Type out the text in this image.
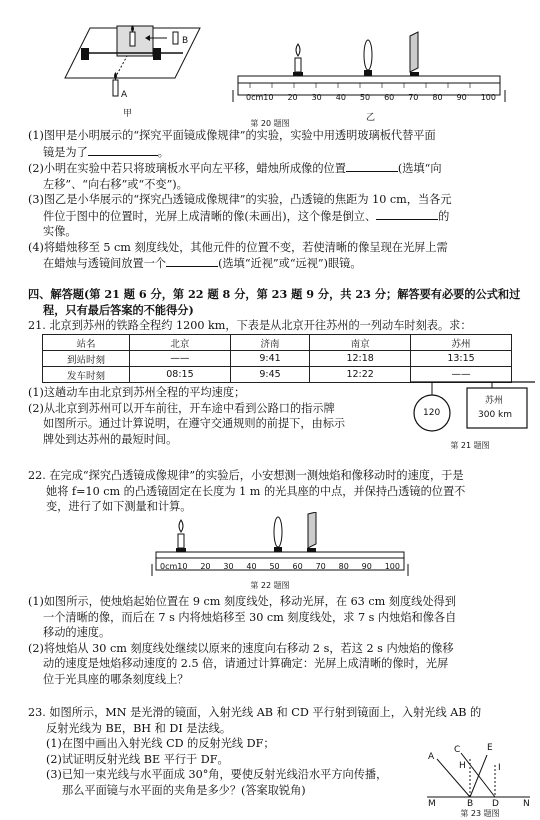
B
A
甲
0cm10 20 30 40 50 60 70 80 90 100
乙
第 20 题图
(1)图甲是小明展示的“探究平面镜成像规律”的实验，实验中用透明玻璃板代替平面
镜是为了	。
(2)小明在实验中若只将玻璃板水平向左平移，蜡烛所成像的位置	(选填“向
左移”、“向右移”或“不变”)。
(3)图乙是小华展示的“探究凸透镜成像规律”的实验，凸透镜的焦距为 10 cm，当各元
件位于图中的位置时，光屏上成清晰的像(未画出)，这个像是倒立、	的
实像。
(4)将蜡烛移至 5 cm 刻度线处，其他元件的位置不变，若使清晰的像呈现在光屏上需
在蜡烛与透镜间放置一个	(选填“近视”或“远视”)眼镜。
四、解答题(第 21 题 6 分，第 22 题 8 分，第 23 题 9 分，共 23 分；解答要有必要的公式和过
程，只有最后答案的不能得分)
21. 北京到苏州的铁路全程约 1200 km，下表是从北京开往苏州的一列动车时刻表。求：
站名	北京	济南	南京	苏州
到站时刻	——	9:41	12:18	13:15
发车时刻	08:15	9:45	12:22	——
(1)这趟动车由北京到苏州全程的平均速度；
(2)从北京到苏州可以开车前往，开车途中看到公路口的指示牌
如图所示。通过计算说明，在遵守交通规则的前提下，由标示
牌处到达苏州的最短时间。
120
苏州
300 km
第 21 题图
22. 在完成“探究凸透镜成像规律”的实验后，小安想测一测烛焰和像移动时的速度，于是
她将 f=10 cm 的凸透镜固定在长度为 1 m 的光具座的中点，并保持凸透镜的位置不
变，进行了如下测量和计算。
0cm10 20 30 40 50 60 70 80 90 100
第 22 题图
(1)如图所示，使烛焰起始位置在 9 cm 刻度线处，移动光屏，在 63 cm 刻度线处得到
一个清晰的像，而后在 7 s 内将烛焰移至 30 cm 刻度线处，求 7 s 内烛焰和像各自
移动的速度。
(2)将烛焰从 30 cm 刻度线处继续以原来的速度向右移动 2 s，若这 2 s 内烛焰的像移
动的速度是烛焰移动速度的 2.5 倍，请通过计算确定：光屏上成清晰的像时，光屏
位于光具座的哪条刻度线上？
23. 如图所示，MN 是光滑的镜面，入射光线 AB 和 CD 平行射到镜面上，入射光线 AB 的
反射光线为 BE，BH 和 DI 是法线。
(1)在图中画出入射光线 CD 的反射光线 DF；
(2)试证明反射光线 BE 平行于 DF。
(3)已知一束光线与水平面成 30°角，要使反射光线沿水平方向传播，
那么平面镜与水平面的夹角是多少？(答案取锐角)
A
C	E
H	I
M	B D	N
第 23 题图
